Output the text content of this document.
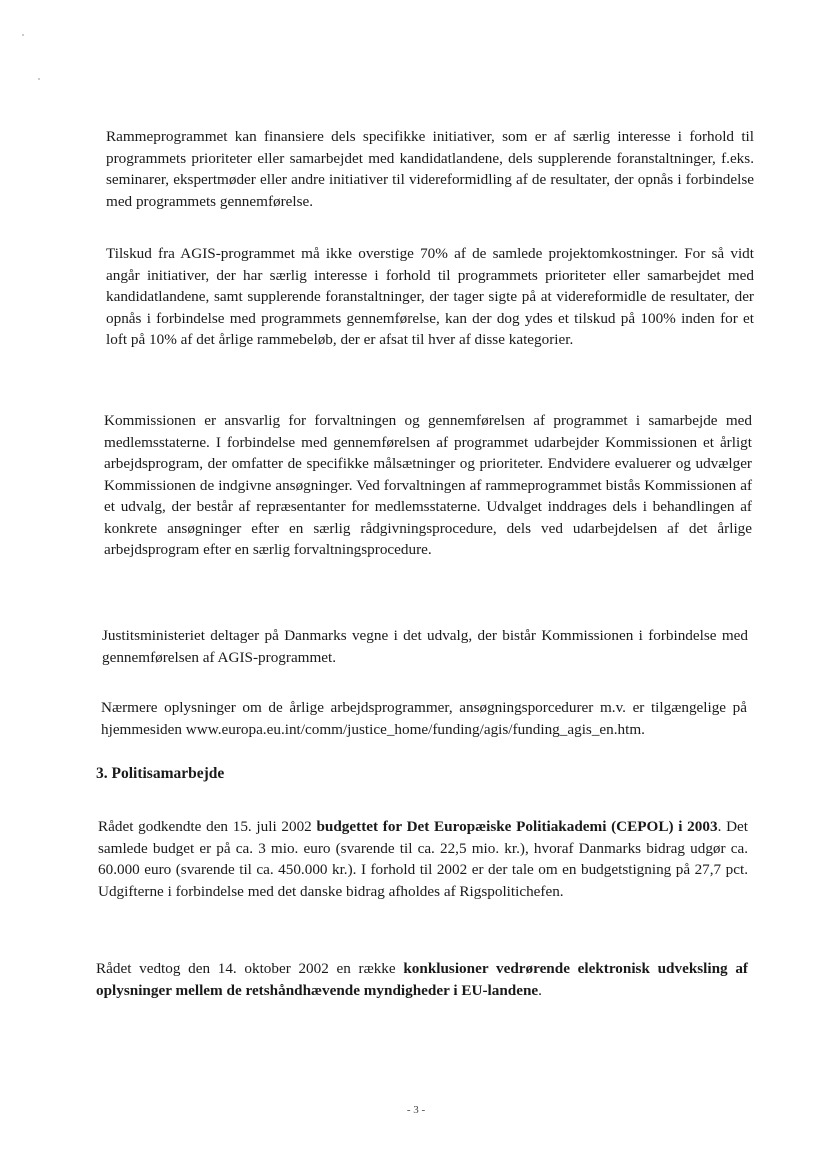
Rammeprogrammet kan finansiere dels specifikke initiativer, som er af særlig interesse i forhold til programmets prioriteter eller samarbejdet med kandidatlandene, dels supplerende foranstaltninger, f.eks. seminarer, ekspertmøder eller andre initiativer til videreformidling af de resultater, der opnås i forbindelse med programmets gennemførelse.

Tilskud fra AGIS-programmet må ikke overstige 70% af de samlede projektomkostninger. For så vidt angår initiativer, der har særlig interesse i forhold til programmets prioriteter eller samarbejdet med kandidatlandene, samt supplerende foranstaltninger, der tager sigte på at videreformidle de resultater, der opnås i forbindelse med programmets gennemførelse, kan der dog ydes et tilskud på 100% inden for et loft på 10% af det årlige rammebeløb, der er afsat til hver af disse kategorier.

Kommissionen er ansvarlig for forvaltningen og gennemførelsen af programmet i samarbejde med medlemsstaterne. I forbindelse med gennemførelsen af programmet udarbejder Kommissionen et årligt arbejdsprogram, der omfatter de specifikke målsætninger og prioriteter. Endvidere evaluerer og udvælger Kommissionen de indgivne ansøgninger. Ved forvaltningen af rammeprogrammet bistås Kommissionen af et udvalg, der består af repræsentanter for medlemsstaterne. Udvalget inddrages dels i behandlingen af konkrete ansøgninger efter en særlig rådgivningsprocedure, dels ved udarbejdelsen af det årlige arbejdsprogram efter en særlig forvaltningsprocedure.

Justitsministeriet deltager på Danmarks vegne i det udvalg, der bistår Kommissionen i forbindelse med gennemførelsen af AGIS-programmet.

Nærmere oplysninger om de årlige arbejdsprogrammer, ansøgningsporcedurer m.v. er tilgængelige på hjemmesiden www.europa.eu.int/comm/justice_home/funding/agis/funding_agis_en.htm.

3. Politisamarbejde

Rådet godkendte den 15. juli 2002 budgettet for Det Europæiske Politiakademi (CEPOL) i 2003. Det samlede budget er på ca. 3 mio. euro (svarende til ca. 22,5 mio. kr.), hvoraf Danmarks bidrag udgør ca. 60.000 euro (svarende til ca. 450.000 kr.). I forhold til 2002 er der tale om en budgetstigning på 27,7 pct. Udgifterne i forbindelse med det danske bidrag afholdes af Rigspolitichefen.

Rådet vedtog den 14. oktober 2002 en række konklusioner vedrørende elektronisk udveksling af oplysninger mellem de retshåndhævende myndigheder i EU-landene.

- 3 -
